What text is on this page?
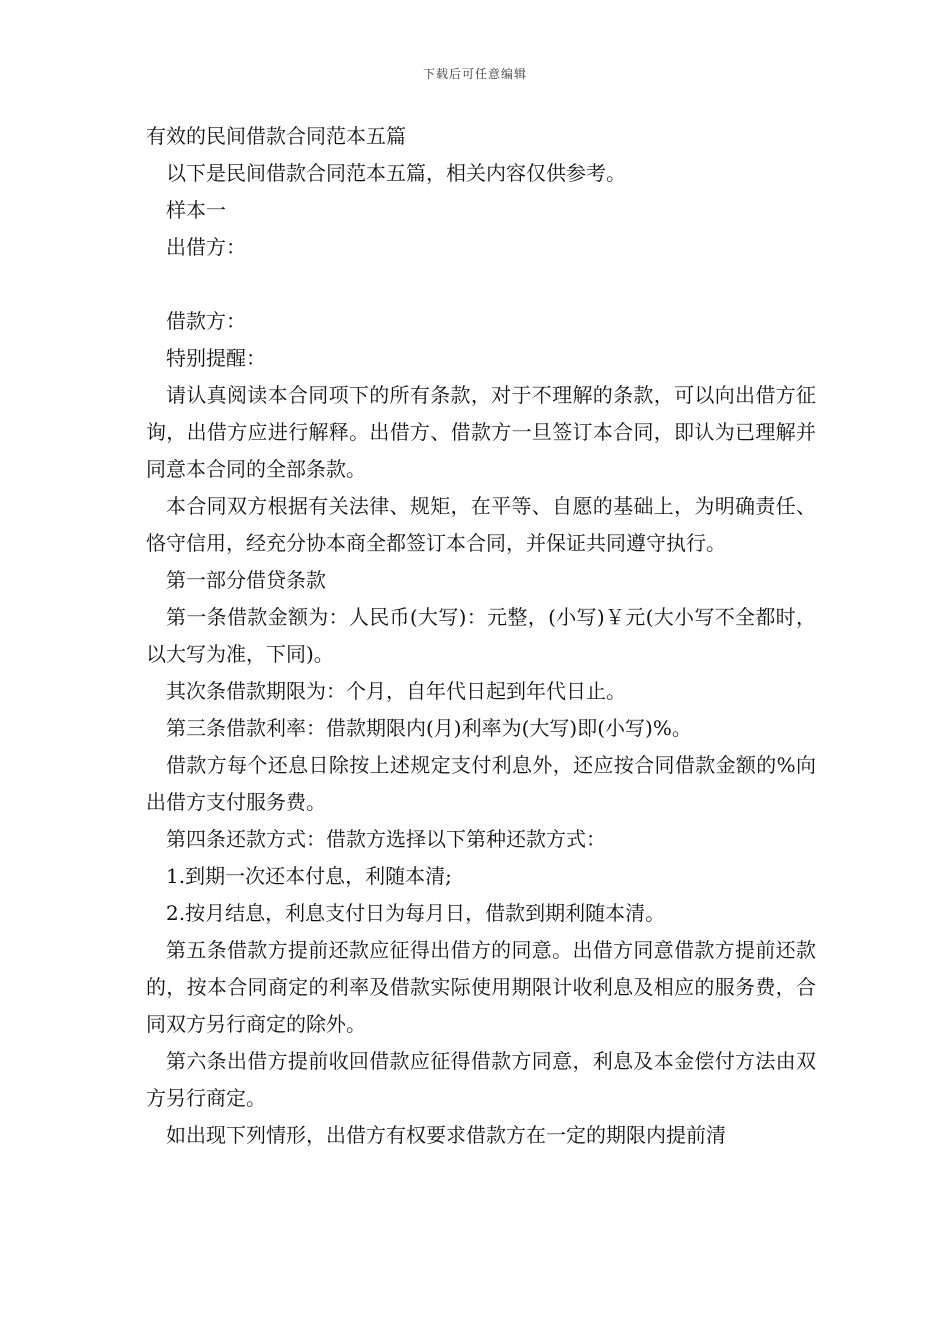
下载后可任意编辑
有效的民间借款合同范本五篇

以下是民间借款合同范本五篇，相关内容仅供参考。

样本一

出借方：

借款方：

特别提醒：

请认真阅读本合同项下的所有条款，对于不理解的条款，可以向出借方征询，出借方应进行解释。出借方、借款方一旦签订本合同，即认为已理解并同意本合同的全部条款。

本合同双方根据有关法律、规矩，在平等、自愿的基础上，为明确责任、恪守信用，经充分协本商全都签订本合同，并保证共同遵守执行。

第一部分借贷条款

第一条借款金额为：人民币(大写)：元整，(小写)￥元(大小写不全都时，以大写为准，下同)。

其次条借款期限为：个月，自年代日起到年代日止。

第三条借款利率：借款期限内(月)利率为(大写)即(小写)%。

借款方每个还息日除按上述规定支付利息外，还应按合同借款金额的%向出借方支付服务费。

第四条还款方式：借款方选择以下第种还款方式：

1.到期一次还本付息，利随本清;

2.按月结息，利息支付日为每月日，借款到期利随本清。

第五条借款方提前还款应征得出借方的同意。出借方同意借款方提前还款的，按本合同商定的利率及借款实际使用期限计收利息及相应的服务费，合同双方另行商定的除外。

第六条出借方提前收回借款应征得借款方同意，利息及本金偿付方法由双方另行商定。

如出现下列情形，出借方有权要求借款方在一定的期限内提前清
